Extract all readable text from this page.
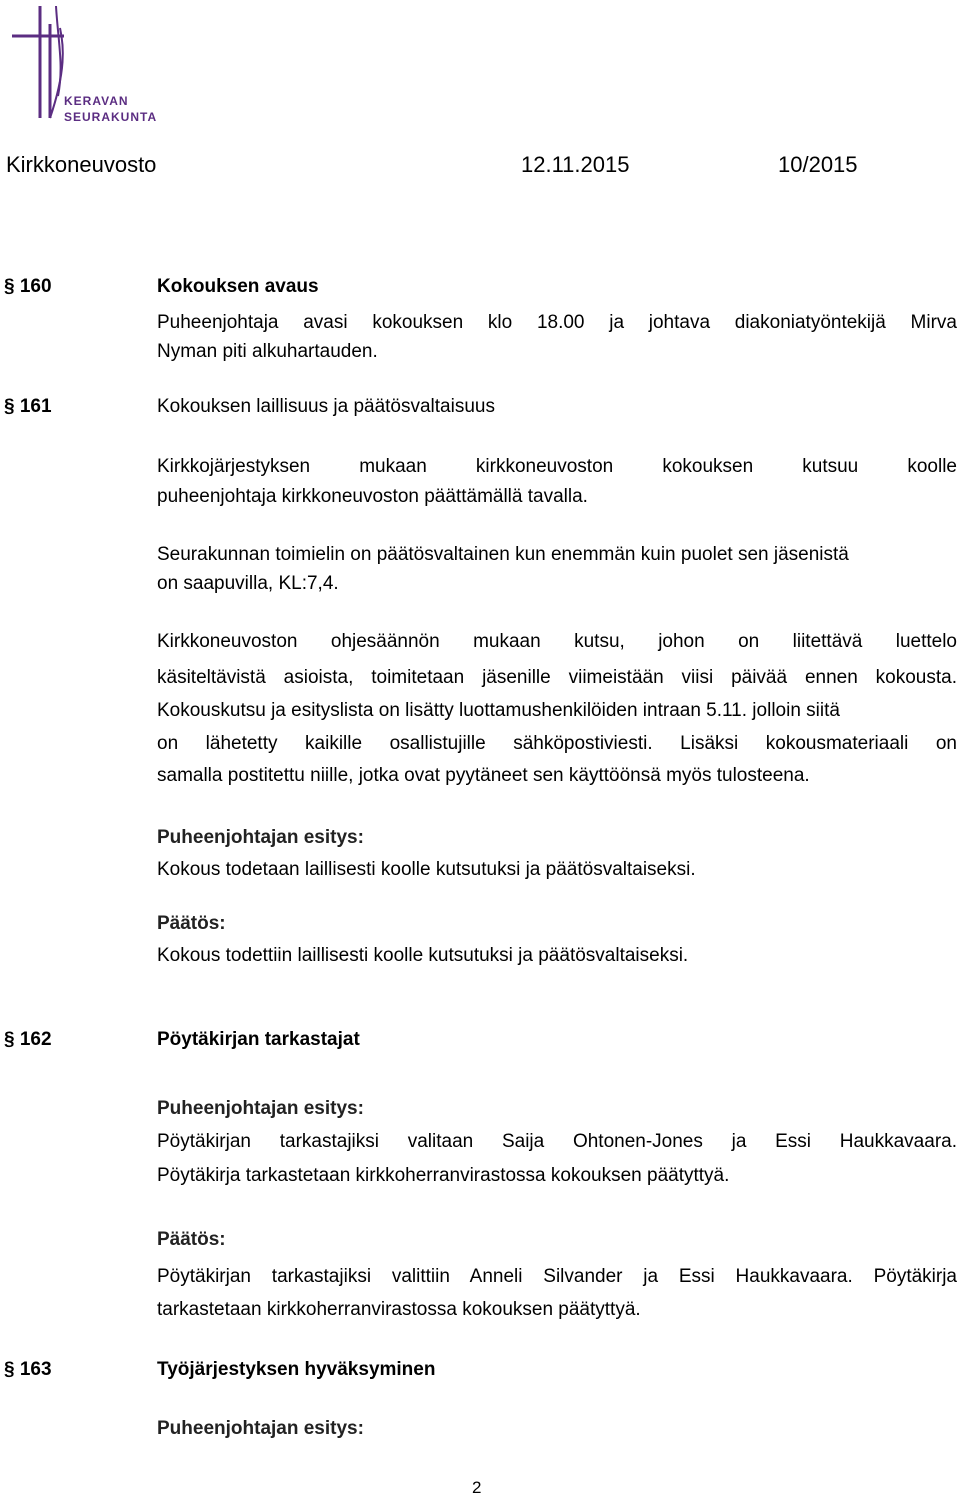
KERAVAN
SEURAKUNTA
Kirkkoneuvosto	12.11.2015	10/2015
§ 160	Kokouksen avaus
Puheenjohtaja avasi kokouksen klo 18.00 ja johtava diakoniatyöntekijä Mirva
Nyman piti alkuhartauden.
§ 161	Kokouksen laillisuus ja päätösvaltaisuus
Kirkkojärjestyksen mukaan kirkkoneuvoston kokouksen kutsuu koolle
puheenjohtaja kirkkoneuvoston päättämällä tavalla.
Seurakunnan toimielin on päätösvaltainen kun enemmän kuin puolet sen jäsenistä
on saapuvilla, KL:7,4.
Kirkkoneuvoston ohjesäännön mukaan kutsu, johon on liitettävä luettelo
käsiteltävistä asioista, toimitetaan jäsenille viimeistään viisi päivää ennen kokousta.
Kokouskutsu ja esityslista on lisätty luottamushenkilöiden intraan 5.11. jolloin siitä
on lähetetty kaikille osallistujille sähköpostiviesti. Lisäksi kokousmateriaali on
samalla postitettu niille, jotka ovat pyytäneet sen käyttöönsä myös tulosteena.
Puheenjohtajan esitys:
Kokous todetaan laillisesti koolle kutsutuksi ja päätösvaltaiseksi.
Päätös:
Kokous todettiin laillisesti koolle kutsutuksi ja päätösvaltaiseksi.
§ 162	Pöytäkirjan tarkastajat
Puheenjohtajan esitys:
Pöytäkirjan tarkastajiksi valitaan Saija Ohtonen-Jones ja Essi Haukkavaara.
Pöytäkirja tarkastetaan kirkkoherranvirastossa kokouksen päätyttyä.
Päätös:
Pöytäkirjan tarkastajiksi valittiin Anneli Silvander ja Essi Haukkavaara. Pöytäkirja
tarkastetaan kirkkoherranvirastossa kokouksen päätyttyä.
§ 163	Työjärjestyksen hyväksyminen
Puheenjohtajan esitys:
2
